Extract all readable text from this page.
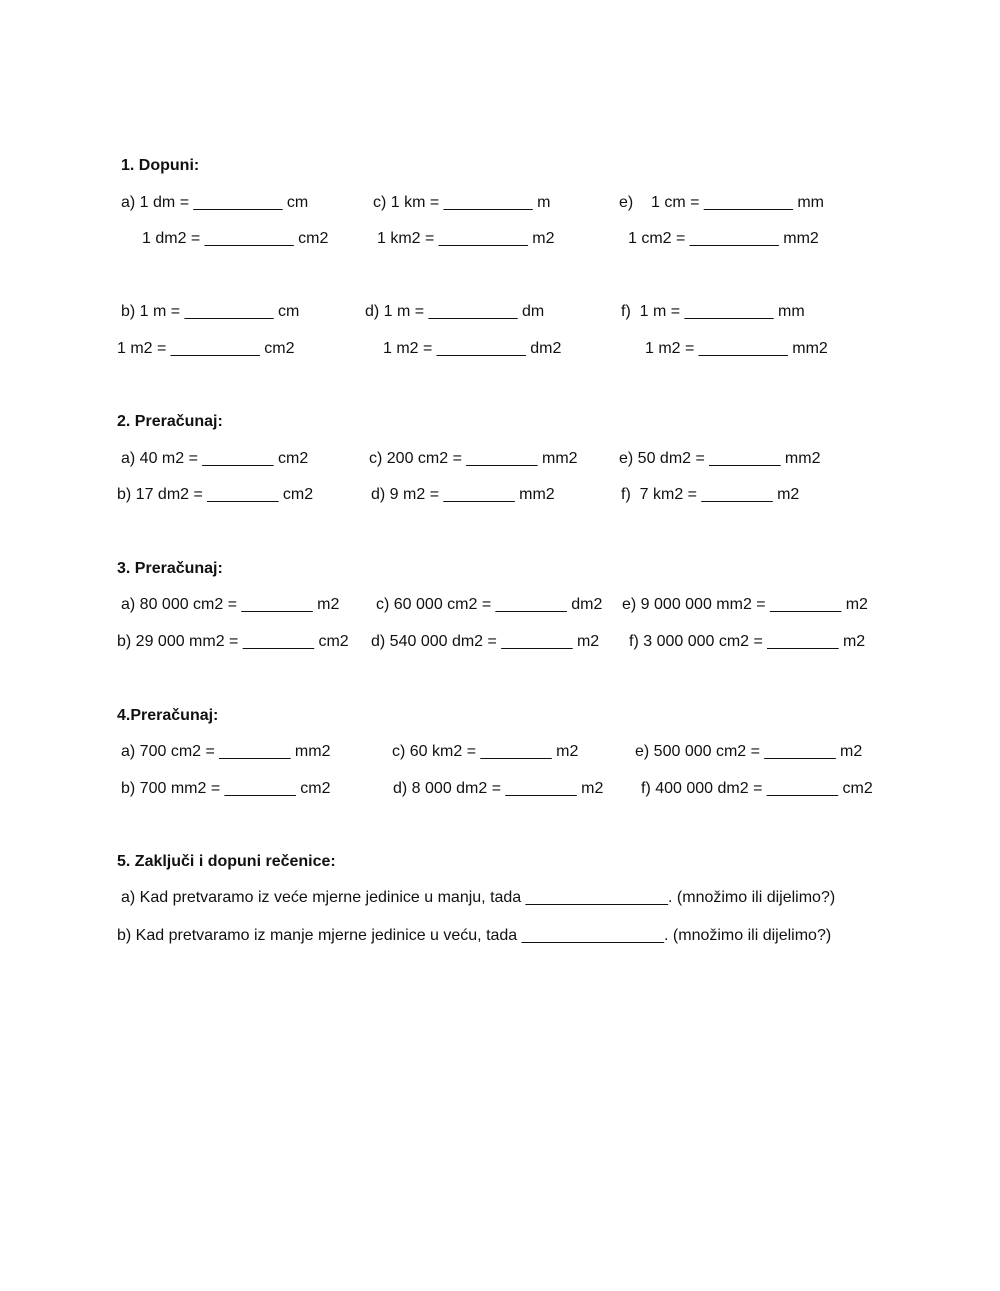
1. Dopuni:
a) 1 dm = __________ cm	c) 1 km = __________ m	e)    1 cm = __________ mm
1 dm2 = __________ cm2	1 km2 = __________ m2	1 cm2 = __________ mm2
b) 1 m = __________ cm	d) 1 m = __________ dm	f)  1 m = __________ mm
1 m2 = __________ cm2	1 m2 = __________ dm2	1 m2 = __________ mm2
2. Preračunaj:
a) 40 m2 = ________ cm2	c) 200 cm2 = ________ mm2	e) 50 dm2 = ________ mm2
b) 17 dm2 = ________ cm2	d) 9 m2 = ________ mm2	f)  7 km2 = ________ m2
3. Preračunaj:
a) 80 000 cm2 = ________ m2 c) 60 000 cm2 = ________ dm2 e) 9 000 000 mm2 = ________ m2
b) 29 000 mm2 = ________ cm2 d) 540 000 dm2 = ________ m2 f) 3 000 000 cm2 = ________ m2
4.Preračunaj:
a) 700 cm2 = ________ mm2	c) 60 km2 = ________ m2	e) 500 000 cm2 = ________ m2
b) 700 mm2 = ________ cm2	d) 8 000 dm2 = ________ m2 f) 400 000 dm2 = ________ cm2
5. Zaključi i dopuni rečenice:
a) Kad pretvaramo iz veće mjerne jedinice u manju, tada ________________. (množimo ili dijelimo?)
b) Kad pretvaramo iz manje mjerne jedinice u veću, tada ________________. (množimo ili dijelimo?)
